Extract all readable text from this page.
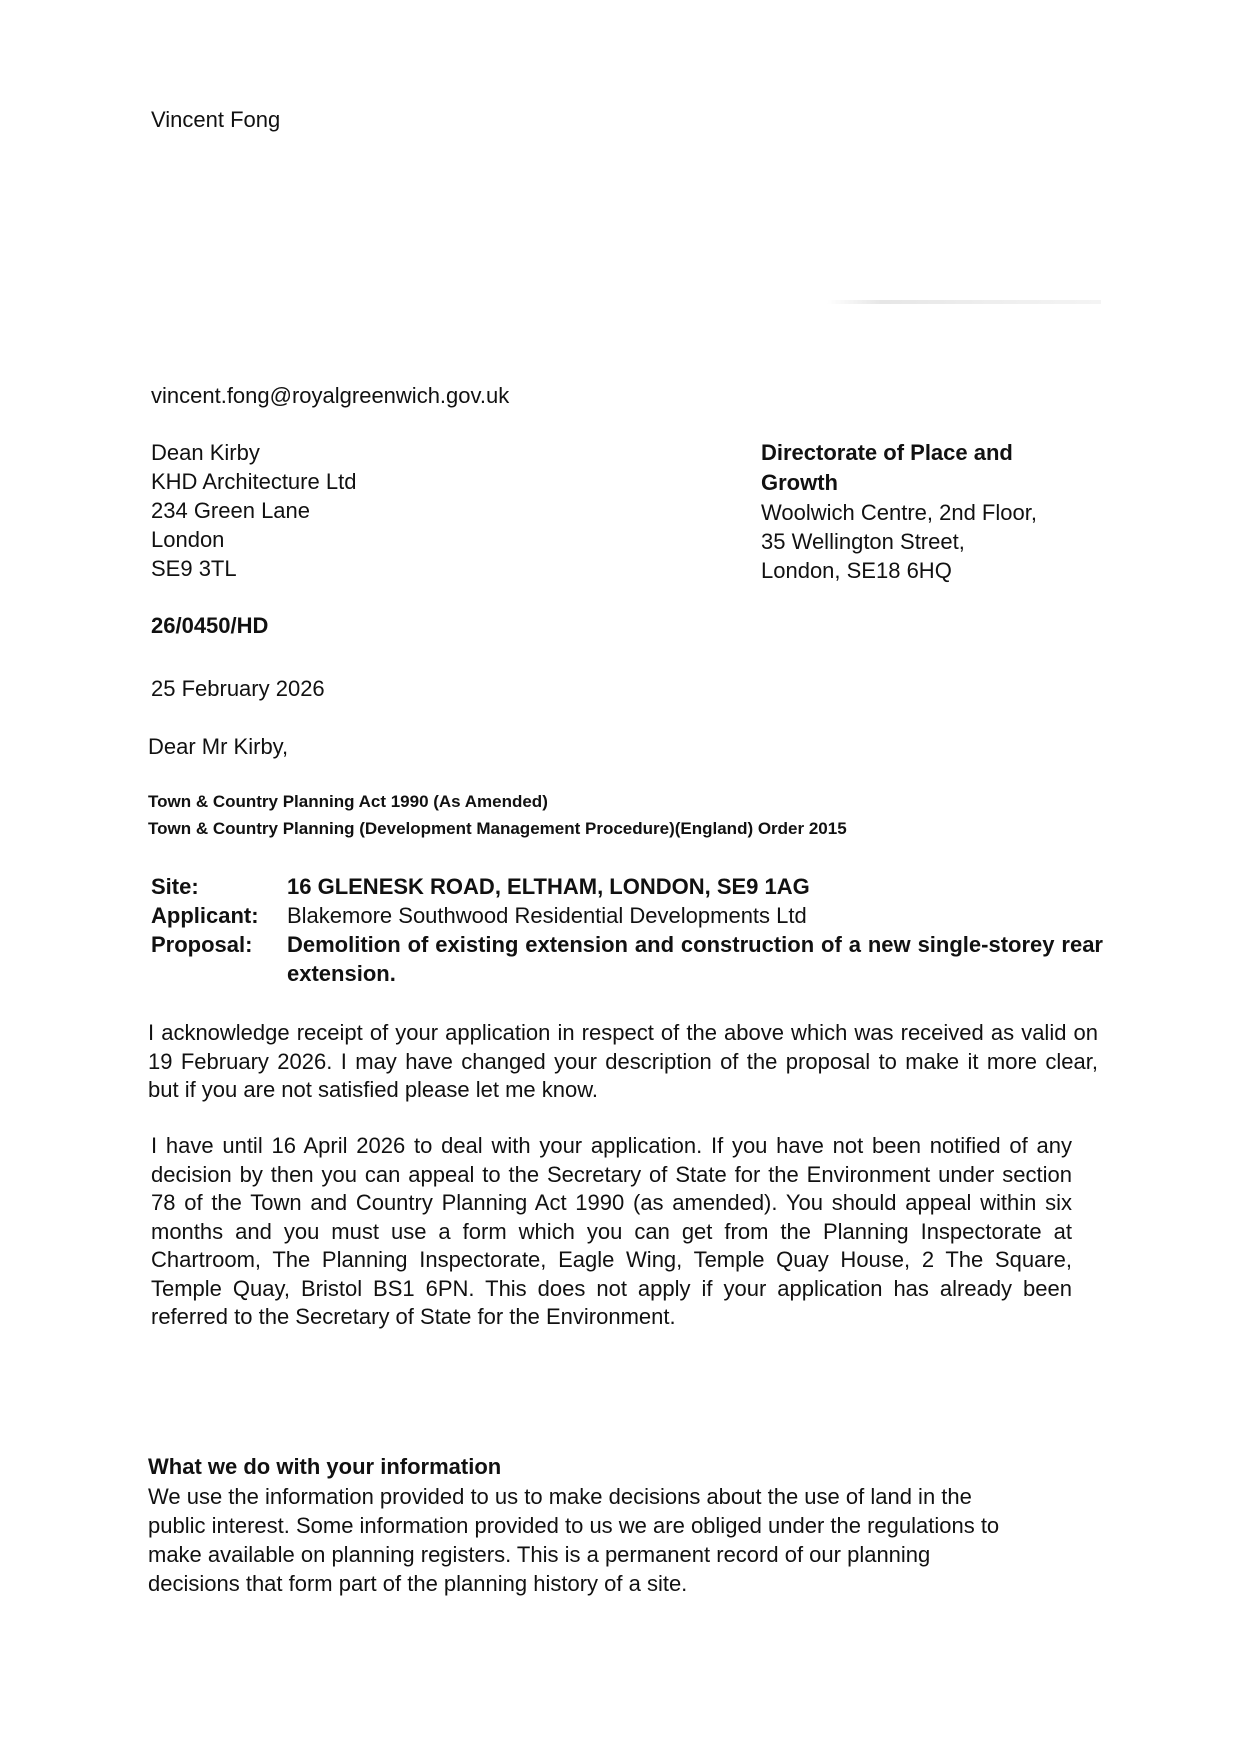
Vincent Fong
vincent.fong@royalgreenwich.gov.uk
Dean Kirby
KHD Architecture Ltd
234 Green Lane
London
SE9 3TL
Directorate of Place and Growth
Woolwich Centre, 2nd Floor,
35 Wellington Street,
London, SE18 6HQ
26/0450/HD
25 February 2026
Dear Mr Kirby,
Town & Country Planning Act 1990 (As Amended)
Town & Country Planning (Development Management Procedure)(England) Order 2015
Site:	16 GLENESK ROAD, ELTHAM, LONDON, SE9 1AG
Applicant:	Blakemore Southwood Residential Developments Ltd
Proposal:	Demolition of existing extension and construction of a new single-storey rear extension.
I acknowledge receipt of your application in respect of the above which was received as valid on 19 February 2026. I may have changed your description of the proposal to make it more clear, but if you are not satisfied please let me know.
I have until 16 April 2026 to deal with your application. If you have not been notified of any decision by then you can appeal to the Secretary of State for the Environment under section 78 of the Town and Country Planning Act 1990 (as amended). You should appeal within six months and you must use a form which you can get from the Planning Inspectorate at Chartroom, The Planning Inspectorate, Eagle Wing, Temple Quay House, 2 The Square, Temple Quay, Bristol BS1 6PN. This does not apply if your application has already been referred to the Secretary of State for the Environment.
What we do with your information
We use the information provided to us to make decisions about the use of land in the
public interest. Some information provided to us we are obliged under the regulations to
make available on planning registers. This is a permanent record of our planning
decisions that form part of the planning history of a site.
